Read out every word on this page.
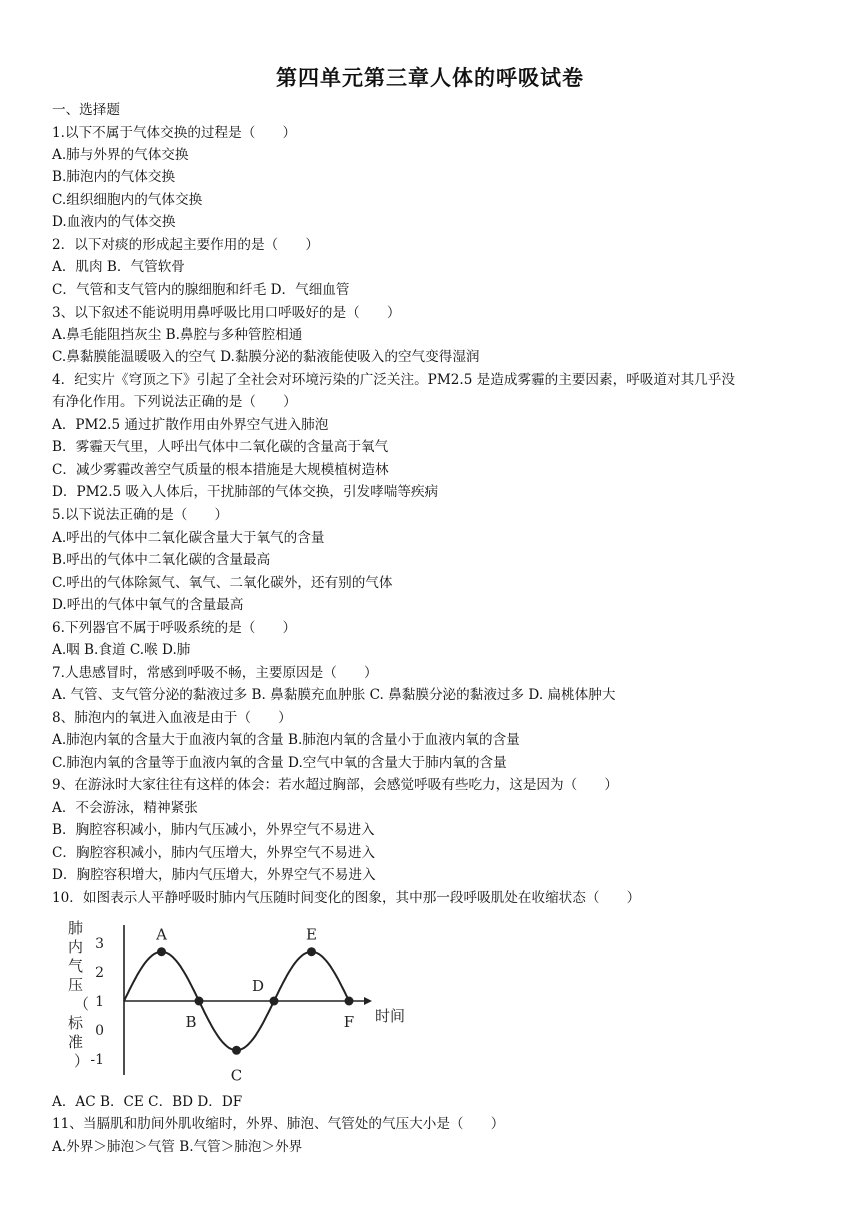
第四单元第三章人体的呼吸试卷
一、选择题
1.以下不属于气体交换的过程是（　　）
A.肺与外界的气体交换
B.肺泡内的气体交换
C.组织细胞内的气体交换
D.血液内的气体交换
2．以下对痰的形成起主要作用的是（　　）
A．肌肉 B．气管软骨
C．气管和支气管内的腺细胞和纤毛 D．气细血管
3、以下叙述不能说明用鼻呼吸比用口呼吸好的是（　　）
A.鼻毛能阻挡灰尘 B.鼻腔与多种管腔相通
C.鼻黏膜能温暖吸入的空气 D.黏膜分泌的黏液能使吸入的空气变得湿润
4．纪实片《穹顶之下》引起了全社会对环境污染的广泛关注。PM2.5 是造成雾霾的主要因素，呼吸道对其几乎没
有净化作用。下列说法正确的是（　　）
A．PM2.5 通过扩散作用由外界空气进入肺泡
B．雾霾天气里，人呼出气体中二氧化碳的含量高于氧气
C．减少雾霾改善空气质量的根本措施是大规模植树造林
D．PM2.5 吸入人体后，干扰肺部的气体交换，引发哮喘等疾病
5.以下说法正确的是（　　）
A.呼出的气体中二氧化碳含量大于氧气的含量
B.呼出的气体中二氧化碳的含量最高
C.呼出的气体除氮气、氧气、二氧化碳外，还有别的气体
D.呼出的气体中氧气的含量最高
6.下列器官不属于呼吸系统的是（　　）
A.咽 B.食道 C.喉 D.肺
A. 气管、支气管分泌的黏液过多 B. 鼻黏膜充血肿胀 C. 鼻黏膜分泌的黏液过多 D. 扁桃体肿大
7.人患感冒时，常感到呼吸不畅，主要原因是（　　）
8、肺泡内的氧进入血液是由于（　　）
A.肺泡内氧的含量大于血液内氧的含量 B.肺泡内氧的含量小于血液内氧的含量
C.肺泡内氧的含量等于血液内氧的含量 D.空气中氧的含量大于肺内氧的含量
9、在游泳时大家往往有这样的体会：若水超过胸部，会感觉呼吸有些吃力，这是因为（　　）
A．不会游泳，精神紧张
B．胸腔容积减小，肺内气压减小，外界空气不易进入
C．胸腔容积减小，肺内气压增大，外界空气不易进入
D．胸腔容积增大，肺内气压增大，外界空气不易进入
10．如图表示人平静呼吸时肺内气压随时间变化的图象，其中那一段呼吸肌处在收缩状态（　　）
A．AC B．CE C．BD D．DF
11、当膈肌和肋间外肌收缩时，外界、肺泡、气管处的气压大小是（　　）
A.外界＞肺泡＞气管 B.气管＞肺泡＞外界
肺内气压（标准）
3
2
1
0
-1
时间
A
B
C
D
E
F
